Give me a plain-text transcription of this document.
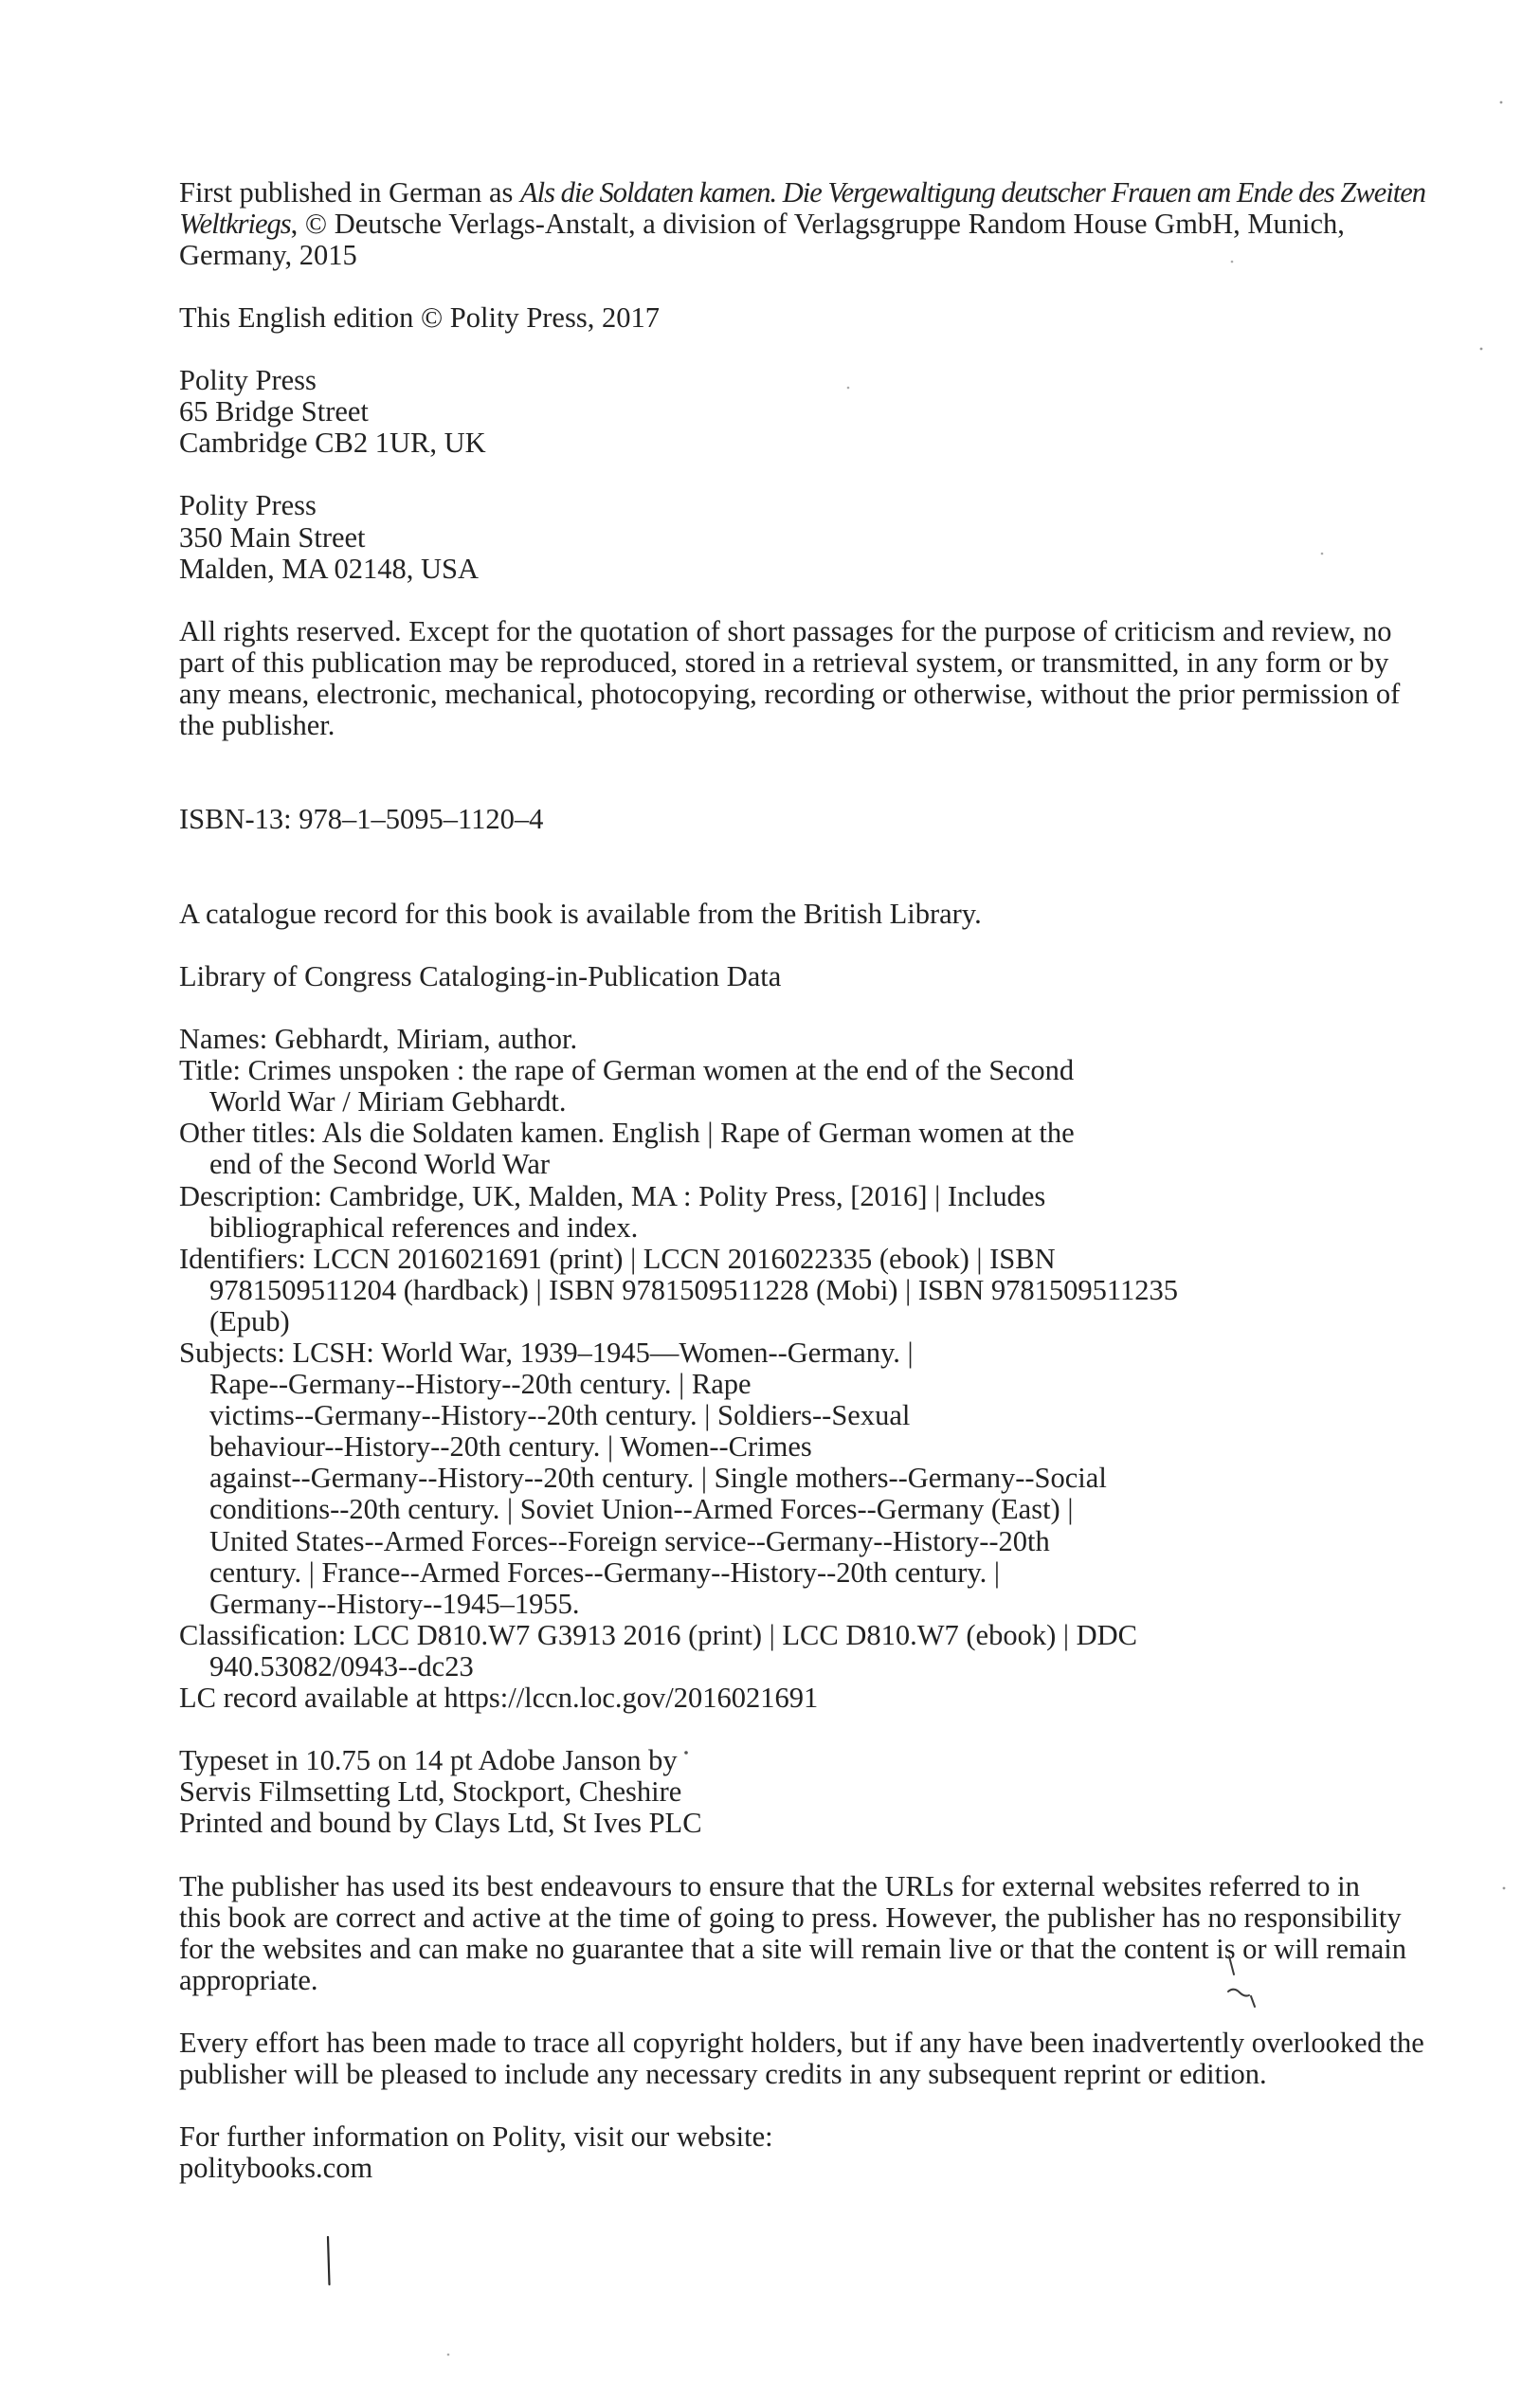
First published in German as Als die Soldaten kamen. Die Vergewaltigung deutscher Frauen am Ende des Zweiten
Weltkriegs, © Deutsche Verlags-Anstalt, a division of Verlagsgruppe Random House GmbH, Munich,
Germany, 2015
This English edition © Polity Press, 2017
Polity Press
65 Bridge Street
Cambridge CB2 1UR, UK
Polity Press
350 Main Street
Malden, MA 02148, USA
All rights reserved. Except for the quotation of short passages for the purpose of criticism and review, no
part of this publication may be reproduced, stored in a retrieval system, or transmitted, in any form or by
any means, electronic, mechanical, photocopying, recording or otherwise, without the prior permission of
the publisher.
ISBN-13: 978–1–5095–1120–4
A catalogue record for this book is available from the British Library.
Library of Congress Cataloging-in-Publication Data
Names: Gebhardt, Miriam, author.
Title: Crimes unspoken : the rape of German women at the end of the Second
World War / Miriam Gebhardt.
Other titles: Als die Soldaten kamen. English | Rape of German women at the
end of the Second World War
Description: Cambridge, UK, Malden, MA : Polity Press, [2016] | Includes
bibliographical references and index.
Identifiers: LCCN 2016021691 (print) | LCCN 2016022335 (ebook) | ISBN
9781509511204 (hardback) | ISBN 9781509511228 (Mobi) | ISBN 9781509511235
(Epub)
Subjects: LCSH: World War, 1939–1945—Women--Germany. |
Rape--Germany--History--20th century. | Rape
victims--Germany--History--20th century. | Soldiers--Sexual
behaviour--History--20th century. | Women--Crimes
against--Germany--History--20th century. | Single mothers--Germany--Social
conditions--20th century. | Soviet Union--Armed Forces--Germany (East) |
United States--Armed Forces--Foreign service--Germany--History--20th
century. | France--Armed Forces--Germany--History--20th century. |
Germany--History--1945–1955.
Classification: LCC D810.W7 G3913 2016 (print) | LCC D810.W7 (ebook) | DDC
940.53082/0943--dc23
LC record available at https://lccn.loc.gov/2016021691
Typeset in 10.75 on 14 pt Adobe Janson by
Servis Filmsetting Ltd, Stockport, Cheshire
Printed and bound by Clays Ltd, St Ives PLC
The publisher has used its best endeavours to ensure that the URLs for external websites referred to in
this book are correct and active at the time of going to press. However, the publisher has no responsibility
for the websites and can make no guarantee that a site will remain live or that the content is or will remain
appropriate.
Every effort has been made to trace all copyright holders, but if any have been inadvertently overlooked the
publisher will be pleased to include any necessary credits in any subsequent reprint or edition.
For further information on Polity, visit our website:
politybooks.com
